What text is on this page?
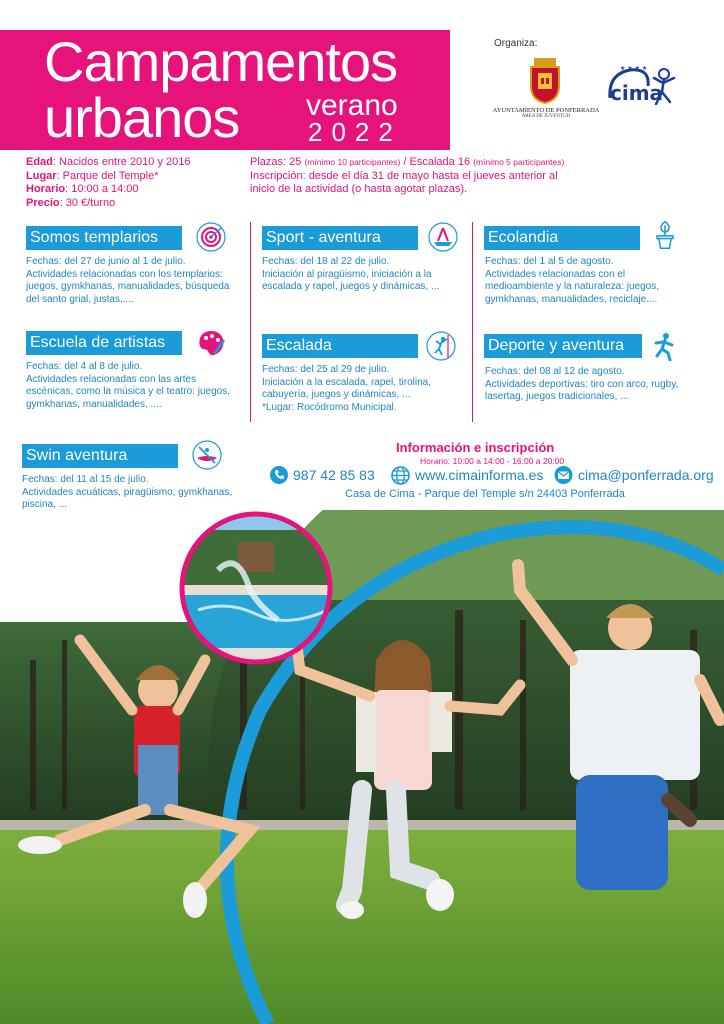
Campamentos
urbanos verano
2022
Organiza:
AYUNTAMIENTO DE PONFERRADA
ÁREA DE JUVENTUD
★ ★ ★ ★
cima
Edad: Nacidos entre 2010 y 2016
Lugar: Parque del Temple*
Horario: 10:00 a 14:00
Precio: 30 €/turno
Plazas: 25 (mínimo 10 participantes) / Escalada 16 (mínimo 5 participantes)
Inscripción: desde el día 31 de mayo hasta el jueves anterior al
inicio de la actividad (o hasta agotar plazas).
Somos templarios
Fechas: del 27 de junio al 1 de julio.
Actividades relacionadas con los templarios:
juegos, gymkhanas, manualidades, búsqueda
del santo grial, justas,....
Escuela de artistas
Fechas: del 4 al 8 de julio.
Actividades relacionadas con las artes
escénicas, como la música y el teatro: juegos,
gymkhanas, manualidades, ....
Swin aventura
Fechas: del 11 al 15 de julio.
Actividades acuáticas, piragüismo, gymkhanas,
piscina, ...
Sport - aventura
Fechas: del 18 al 22 de julio.
Iniciación al piragüismo, iniciación a la
escalada y rapel, juegos y dinámicas, ...
Escalada
Fechas: del 25 al 29 de julio.
Iniciación a la escalada, rapel, tirolina,
cabuyería, juegos y dinámicas, ...
*Lugar: Rocódromo Municipal.
Ecolandia
Fechas: del 1 al 5 de agosto.
Actividades relacionadas con el
medioambiente y la naturaleza: juegos,
gymkhanas, manualidades, reciclaje....
Deporte y aventura
Fechas: del 08 al 12 de agosto.
Actividades deportivas: tiro con arco, rugby,
lasertag, juegos tradicionales, ...
Información e inscripción
Horario: 10:00 a 14:00 - 16:00 a 20:00
987 42 85 83	www.cimainforma.es cima@ponferrada.org
Casa de Cima - Parque del Temple s/n 24403 Ponferrada
